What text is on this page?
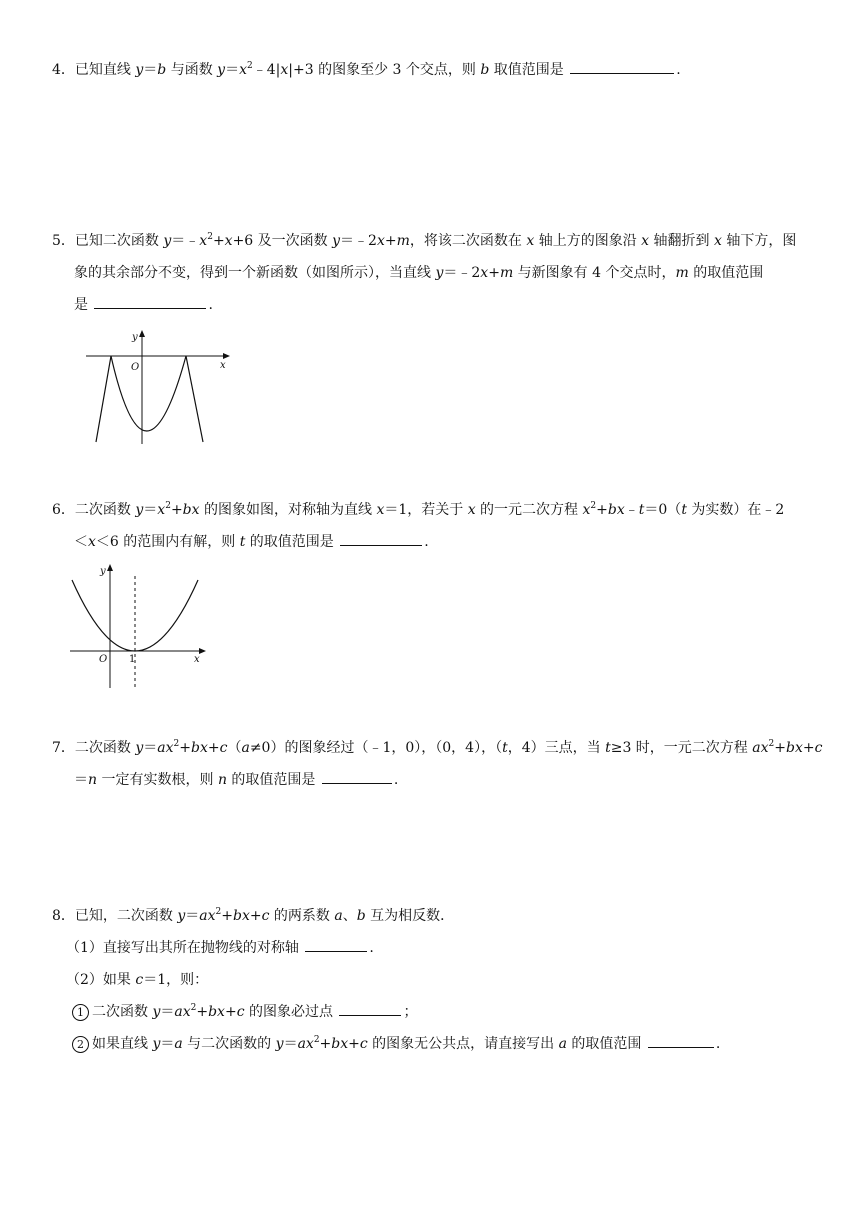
4．已知直线 y＝b 与函数 $y=x^2﹣4|x|+3$ 的图象至少 3 个交点，则 b 取值范围是	.
5．已知二次函数 $y=﹣x^2+x+6$ 及一次函数 y＝﹣2x+m，将该二次函数在 x 轴上方的图象沿 x 轴翻折到 x 轴下方，图
象的其余部分不变，得到一个新函数（如图所示），当直线 y＝﹣2x+m 与新图象有 4 个交点时，m 的取值范围
是	.
y
O	x
6．二次函数 $y=x^2+bx$ 的图象如图，对称轴为直线 x＝1，若关于 x 的一元二次方程 $x^2+bx﹣t=0(t$ 为实数）在﹣2
＜x＜6 的范围内有解，则 t 的取值范围是	.
y
O 1	x
7．二次函数 $y=ax^2+bx+c(a\ne 0)$的图象经过（﹣1，0），（0，4），（t，4）三点，当 t≥3 时，一元二次方程 $ax^2+bx+c$
＝n 一定有实数根，则 n 的取值范围是	.
8．已知，二次函数 $y=ax^2+bx+c$ 的两系数 a、b 互为相反数．
（1）直接写出其所在抛物线的对称轴	.
（2）如果 c＝1，则：
1 二次函数 $y=ax^2+bx+c$ 的图象必过点	；
2 如果直线 y＝a 与二次函数的 $y=ax^2+bx+c$ 的图象无公共点，请直接写出 a 的取值范围	.
